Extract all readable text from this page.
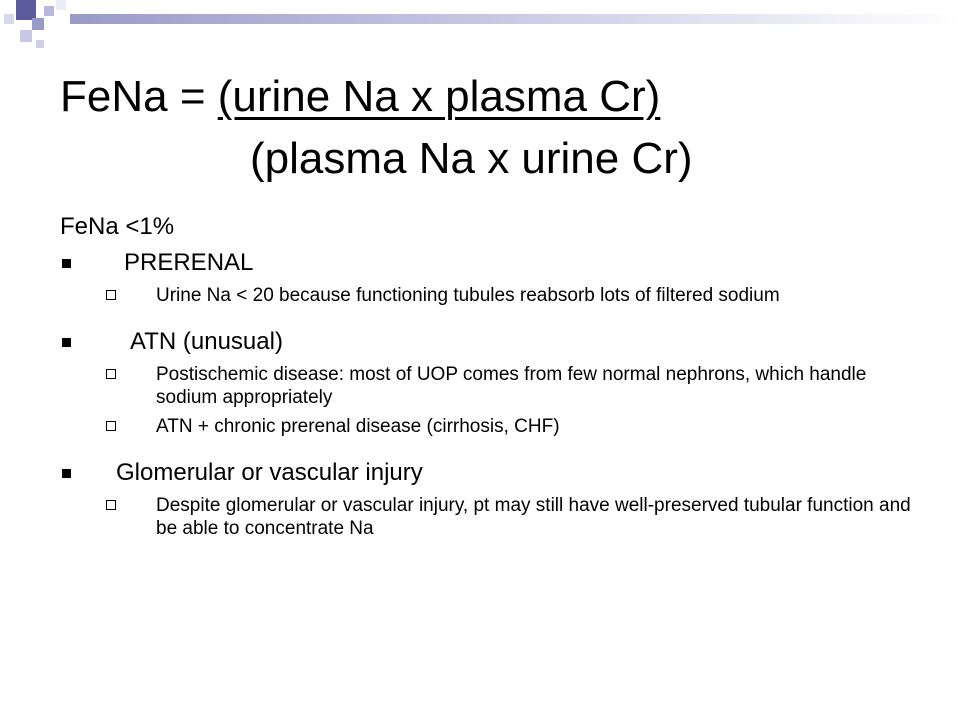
FeNa = (urine Na x plasma Cr)
(plasma Na x urine Cr)
FeNa <1%
PRERENAL
Urine Na < 20 because functioning tubules reabsorb lots of filtered sodium
ATN (unusual)
Postischemic disease: most of UOP comes from few normal nephrons, which handle sodium appropriately
ATN + chronic prerenal disease (cirrhosis, CHF)
Glomerular or vascular injury
Despite glomerular or vascular injury, pt may still have well-preserved tubular function and be able to concentrate Na
